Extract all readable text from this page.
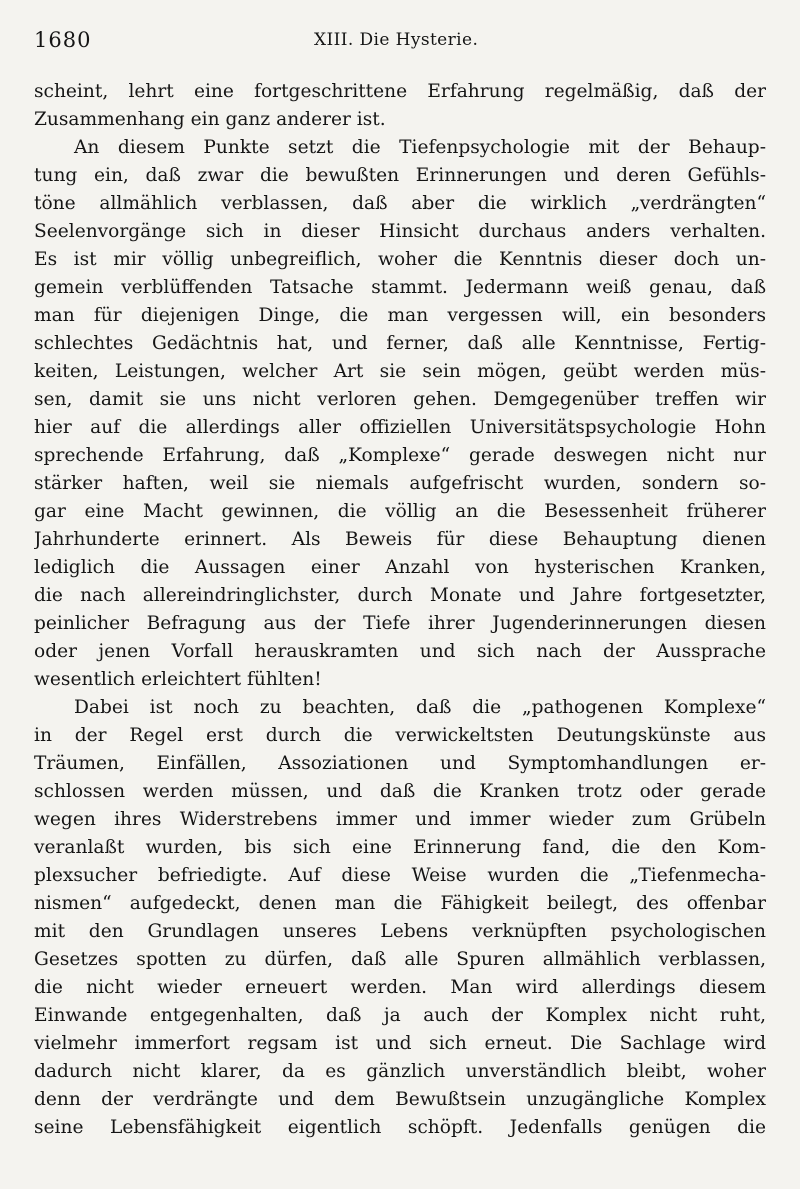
1680	XIII. Die Hysterie.
scheint, lehrt eine fortgeschrittene Erfahrung regelmäßig, daß der
Zusammenhang ein ganz anderer ist.
An diesem Punkte setzt die Tiefenpsychologie mit der Behaup-
tung ein, daß zwar die bewußten Erinnerungen und deren Gefühls-
töne allmählich verblassen, daß aber die wirklich „verdrängten“
Seelenvorgänge sich in dieser Hinsicht durchaus anders verhalten.
Es ist mir völlig unbegreiflich, woher die Kenntnis dieser doch un-
gemein verblüffenden Tatsache stammt. Jedermann weiß genau, daß
man für diejenigen Dinge, die man vergessen will, ein besonders
schlechtes Gedächtnis hat, und ferner, daß alle Kenntnisse, Fertig-
keiten, Leistungen, welcher Art sie sein mögen, geübt werden müs-
sen, damit sie uns nicht verloren gehen. Demgegenüber treffen wir
hier auf die allerdings aller offiziellen Universitätspsychologie Hohn
sprechende Erfahrung, daß „Komplexe“ gerade deswegen nicht nur
stärker haften, weil sie niemals aufgefrischt wurden, sondern so-
gar eine Macht gewinnen, die völlig an die Besessenheit früherer
Jahrhunderte erinnert. Als Beweis für diese Behauptung dienen
lediglich die Aussagen einer Anzahl von hysterischen Kranken,
die nach allereindringlichster, durch Monate und Jahre fortgesetzter,
peinlicher Befragung aus der Tiefe ihrer Jugenderinnerungen diesen
oder jenen Vorfall herauskramten und sich nach der Aussprache
wesentlich erleichtert fühlten!
Dabei ist noch zu beachten, daß die „pathogenen Komplexe“
in der Regel erst durch die verwickeltsten Deutungskünste aus
Träumen, Einfällen, Assoziationen und Symptomhandlungen er-
schlossen werden müssen, und daß die Kranken trotz oder gerade
wegen ihres Widerstrebens immer und immer wieder zum Grübeln
veranlaßt wurden, bis sich eine Erinnerung fand, die den Kom-
plexsucher befriedigte. Auf diese Weise wurden die „Tiefenmecha-
nismen“ aufgedeckt, denen man die Fähigkeit beilegt, des offenbar
mit den Grundlagen unseres Lebens verknüpften psychologischen
Gesetzes spotten zu dürfen, daß alle Spuren allmählich verblassen,
die nicht wieder erneuert werden. Man wird allerdings diesem
Einwande entgegenhalten, daß ja auch der Komplex nicht ruht,
vielmehr immerfort regsam ist und sich erneut. Die Sachlage wird
dadurch nicht klarer, da es gänzlich unverständlich bleibt, woher
denn der verdrängte und dem Bewußtsein unzugängliche Komplex
seine Lebensfähigkeit eigentlich schöpft. Jedenfalls genügen die
